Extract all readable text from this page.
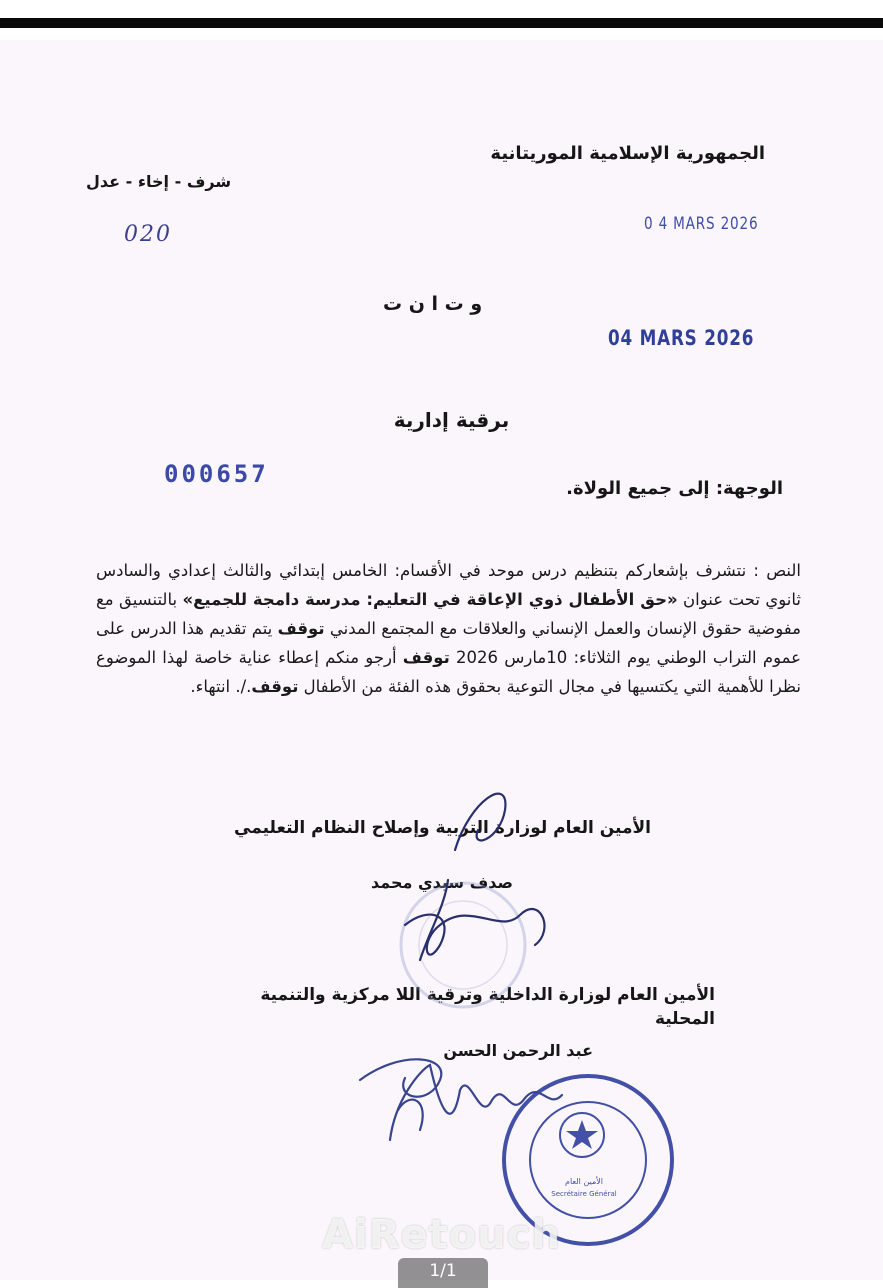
الجمهورية الإسلامية الموريتانية
شرف - إخاء - عدل
020	0 4 MARS 2026
و ت ا ن ت
04 MARS 2026
برقية إدارية
000657
الوجهة: إلى جميع الولاة.

النص : نتشرف بإشعاركم بتنظيم درس موحد في الأقسام: الخامس إبتدائي والثالث إعدادي والسادس ثانوي تحت عنوان «حق الأطفال ذوي الإعاقة في التعليم: مدرسة دامجة للجميع» بالتنسيق مع مفوضية حقوق الإنسان والعمل الإنساني والعلاقات مع المجتمع المدني توقف يتم تقديم هذا الدرس على عموم التراب الوطني يوم الثلاثاء: 10مارس 2026 توقف أرجو منكم إعطاء عناية خاصة لهذا الموضوع نظرا للأهمية التي يكتسيها في مجال التوعية بحقوق هذه الفئة من الأطفال توقف./. انتهاء.

الأمين العام لوزارة التربية وإصلاح النظام التعليمي
صدف سيدي محمد
الأمين العام لوزارة الداخلية وترقية اللا مركزية والتنمية المحلية
عبد الرحمن الحسن
الأمين العام
Secrétaire Général
AiRetouch
1/1
